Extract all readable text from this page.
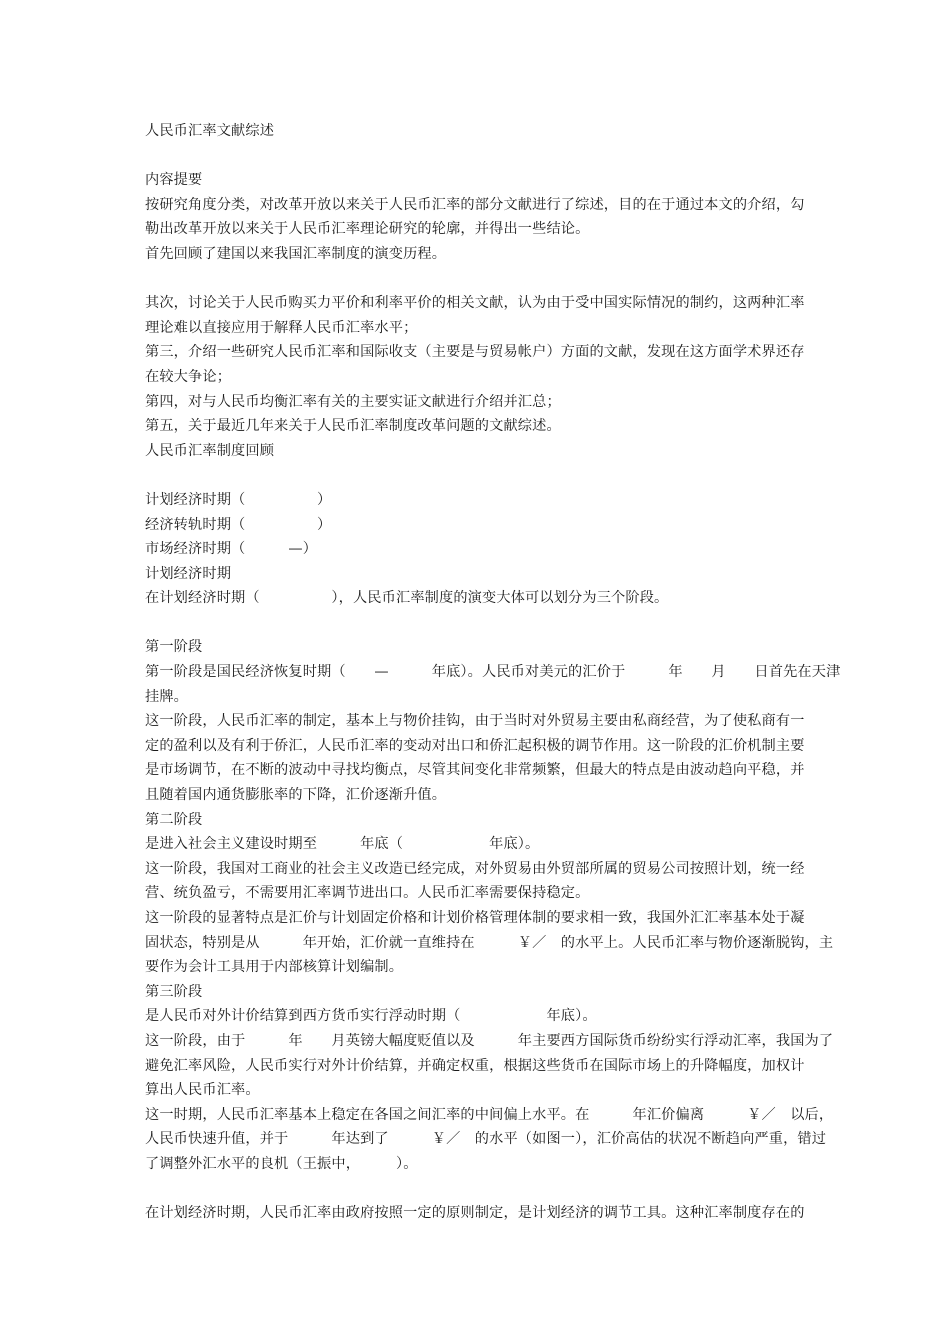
人民币汇率文献综述
内容提要
按研究角度分类，对改革开放以来关于人民币汇率的部分文献进行了综述，目的在于通过本文的介绍，勾
勒出改革开放以来关于人民币汇率理论研究的轮廓，并得出一些结论。
首先回顾了建国以来我国汇率制度的演变历程。
其次，讨论关于人民币购买力平价和利率平价的相关文献，认为由于受中国实际情况的制约，这两种汇率
理论难以直接应用于解释人民币汇率水平；
第三，介绍一些研究人民币汇率和国际收支（主要是与贸易帐户）方面的文献，发现在这方面学术界还存
在较大争论；
第四，对与人民币均衡汇率有关的主要实证文献进行介绍并汇总；
第五，关于最近几年来关于人民币汇率制度改革问题的文献综述。
人民币汇率制度回顾
计划经济时期（　　　　　）
经济转轨时期（　　　　　）
市场经济时期（　　　—）
计划经济时期
在计划经济时期（　　　　　），人民币汇率制度的演变大体可以划分为三个阶段。
第一阶段
第一阶段是国民经济恢复时期（　　—　　　年底）。人民币对美元的汇价于　　　年　　月　　日首先在天津
挂牌。
这一阶段，人民币汇率的制定，基本上与物价挂钩，由于当时对外贸易主要由私商经营，为了使私商有一
定的盈利以及有利于侨汇，人民币汇率的变动对出口和侨汇起积极的调节作用。这一阶段的汇价机制主要
是市场调节，在不断的波动中寻找均衡点，尽管其间变化非常频繁，但最大的特点是由波动趋向平稳，并
且随着国内通货膨胀率的下降，汇价逐渐升值。
第二阶段
是进入社会主义建设时期至　　　年底（　　　　　　年底）。
这一阶段，我国对工商业的社会主义改造已经完成，对外贸易由外贸部所属的贸易公司按照计划，统一经
营、统负盈亏，不需要用汇率调节进出口。人民币汇率需要保持稳定。
这一阶段的显著特点是汇价与计划固定价格和计划价格管理体制的要求相一致，我国外汇汇率基本处于凝
固状态，特别是从　　　年开始，汇价就一直维持在　　　￥／　的水平上。人民币汇率与物价逐渐脱钩，主
要作为会计工具用于内部核算计划编制。
第三阶段
是人民币对外计价结算到西方货币实行浮动时期（　　　　　　年底）。
这一阶段，由于　　　年　　月英镑大幅度贬值以及　　　年主要西方国际货币纷纷实行浮动汇率，我国为了
避免汇率风险，人民币实行对外计价结算，并确定权重，根据这些货币在国际市场上的升降幅度，加权计
算出人民币汇率。
这一时期，人民币汇率基本上稳定在各国之间汇率的中间偏上水平。在　　　年汇价偏离　　　￥／　以后，
人民币快速升值，并于　　　年达到了　　　￥／　的水平（如图一），汇价高估的状况不断趋向严重，错过
了调整外汇水平的良机（王振中，　　　）。
在计划经济时期，人民币汇率由政府按照一定的原则制定，是计划经济的调节工具。这种汇率制度存在的
